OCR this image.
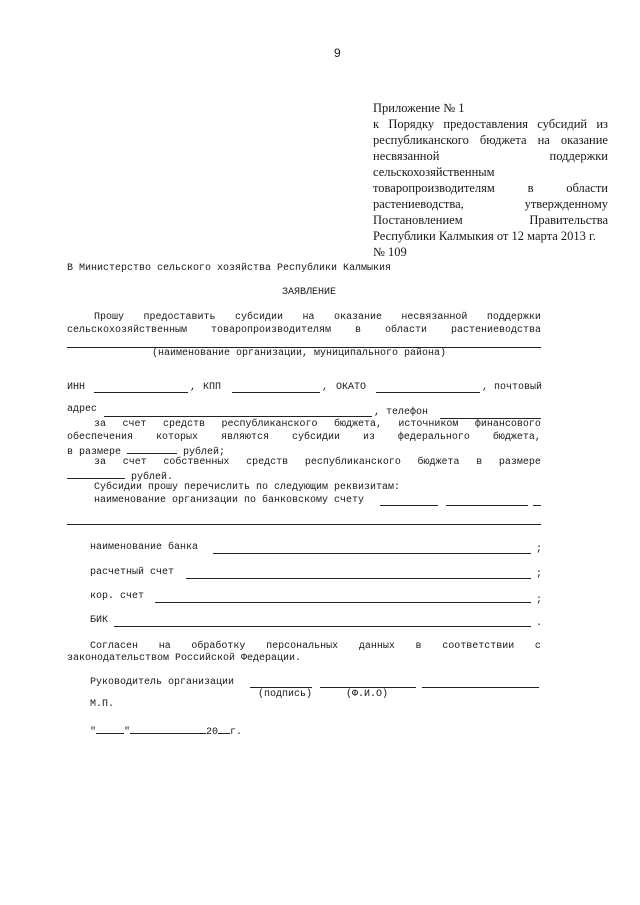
9
Приложение № 1
к Порядку предоставления субсидий из
республиканского бюджета на оказание
несвязанной	поддержки
сельскохозяйственным
товаропроизводителям	в	области
растениеводства,	утвержденному
Постановлением	Правительства
Республики Калмыкия от 12 марта 2013 г.
№ 109
В Министерство сельского хозяйства Республики Калмыкия
ЗАЯВЛЕНИЕ
Прошу предоставить субсидии на оказание несвязанной поддержки
сельскохозяйственным товаропроизводителям в области растениеводства
(наименование организации, муниципального района)
ИНН	, КПП	, ОКАТО	, почтовый
адрес	, телефон
за счет средств республиканского бюджета, источником финансового
обеспечения которых являются субсидии из федерального бюджета,
в размере	рублей;
за счет собственных средств республиканского бюджета в размере
рублей.
Субсидии прошу перечислить по следующим реквизитам:
наименование организации по банковскому счету
наименование банка	;
расчетный счет	;
кор. счет	;
БИК	.
Согласен на обработку персональных данных в соответствии с
законодательством Российской Федерации.
Руководитель организации
(подпись)	(Ф.И.О)
М.П.
"	"	20 г.
